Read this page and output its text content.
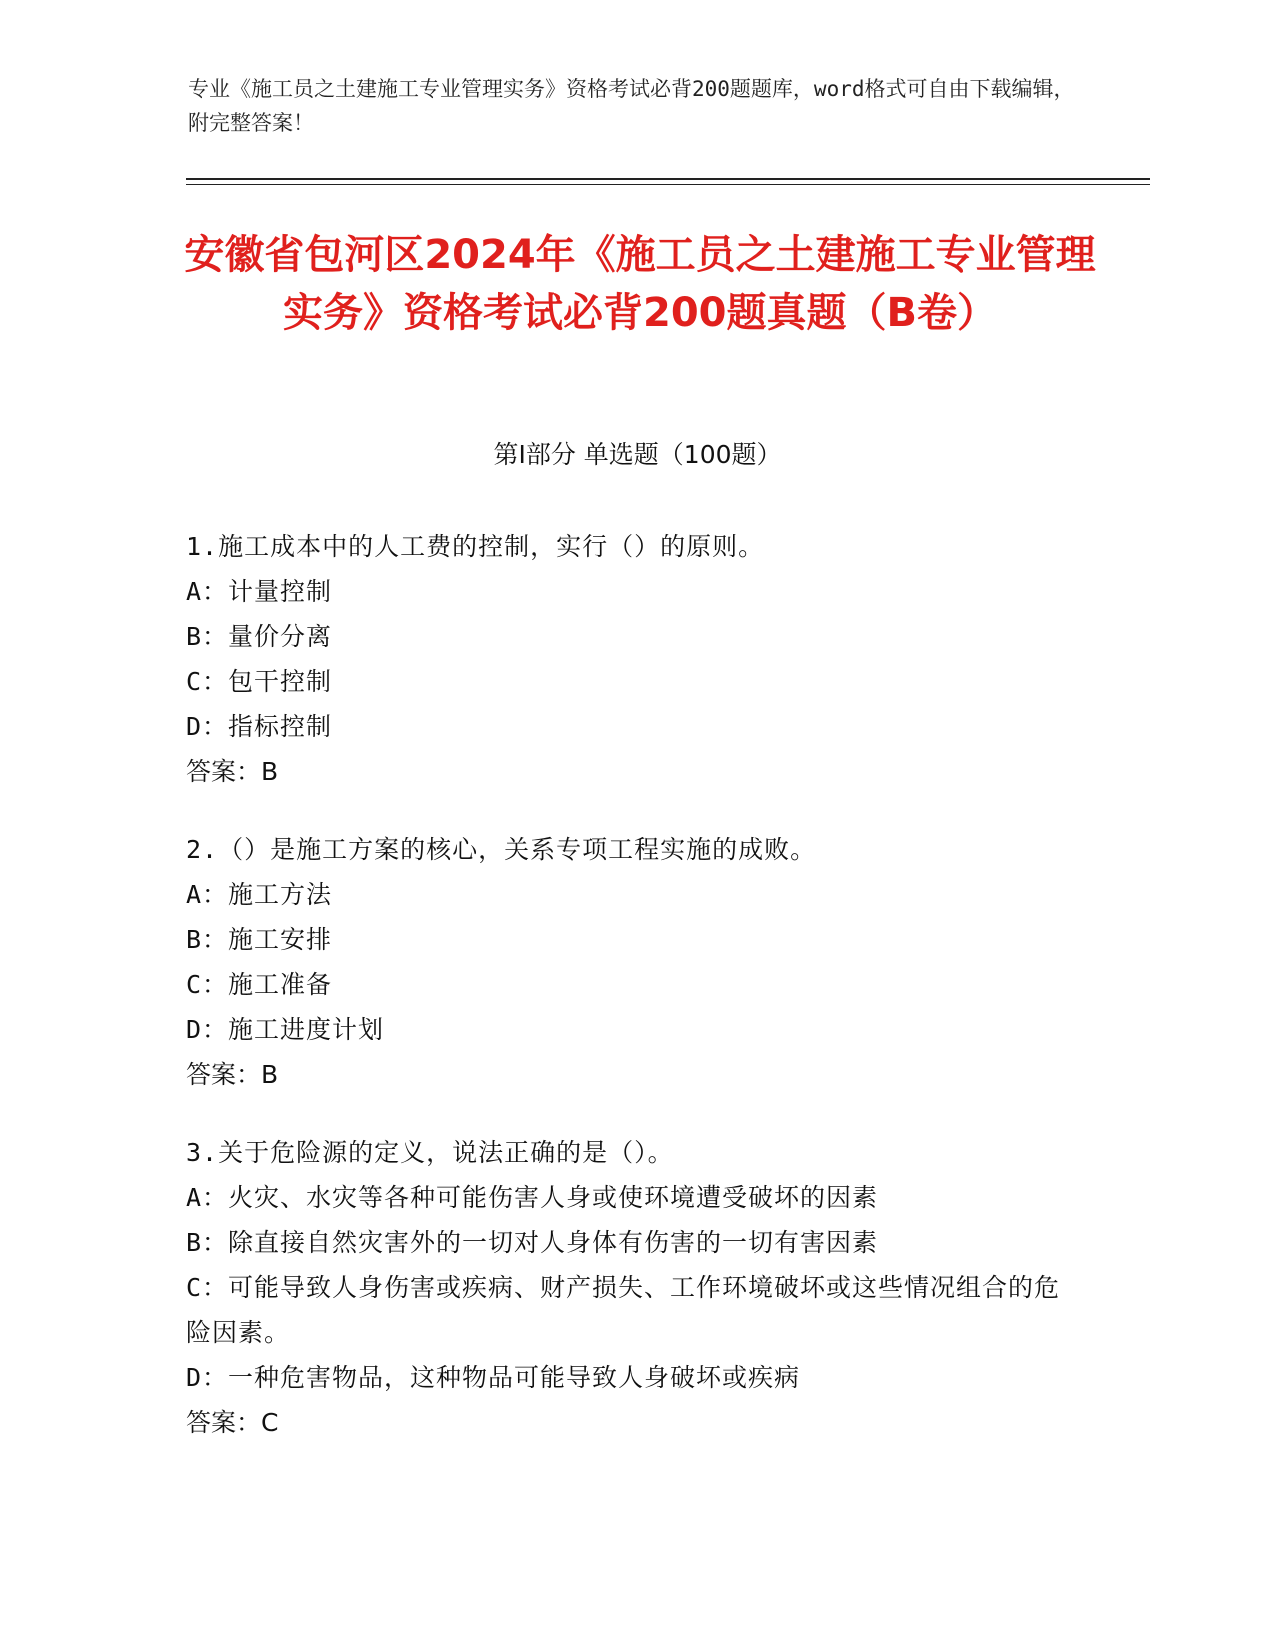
专业《施工员之土建施工专业管理实务》资格考试必背200题题库，word格式可自由下载编辑，附完整答案！
安徽省包河区2024年《施工员之土建施工专业管理实务》资格考试必背200题真题（B卷）
第I部分 单选题（100题）
1.施工成本中的人工费的控制，实行（）的原则。
A：计量控制
B：量价分离
C：包干控制
D：指标控制
答案：B
2.（）是施工方案的核心，关系专项工程实施的成败。
A：施工方法
B：施工安排
C：施工准备
D：施工进度计划
答案：B
3.关于危险源的定义，说法正确的是（）。
A：火灾、水灾等各种可能伤害人身或使环境遭受破坏的因素
B：除直接自然灾害外的一切对人身体有伤害的一切有害因素
C：可能导致人身伤害或疾病、财产损失、工作环境破坏或这些情况组合的危险因素。
D：一种危害物品，这种物品可能导致人身破坏或疾病
答案：C
